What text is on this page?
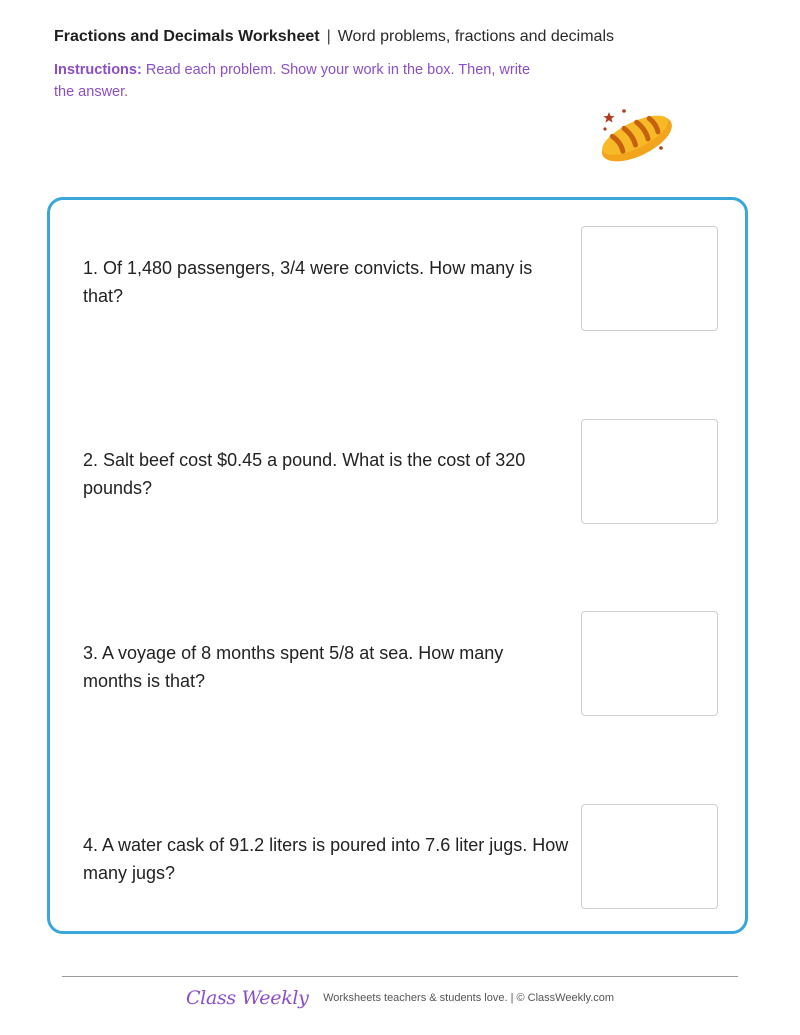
Fractions and Decimals Worksheet | Word problems, fractions and decimals
Instructions: Read each problem. Show your work in the box. Then, write the answer.
1. Of 1,480 passengers, 3/4 were convicts. How many is that?
2. Salt beef cost $0.45 a pound. What is the cost of 320 pounds?
3. A voyage of 8 months spent 5/8 at sea. How many months is that?
4. A water cask of 91.2 liters is poured into 7.6 liter jugs. How many jugs?
Class Weekly Worksheets teachers & students love. | © ClassWeekly.com
